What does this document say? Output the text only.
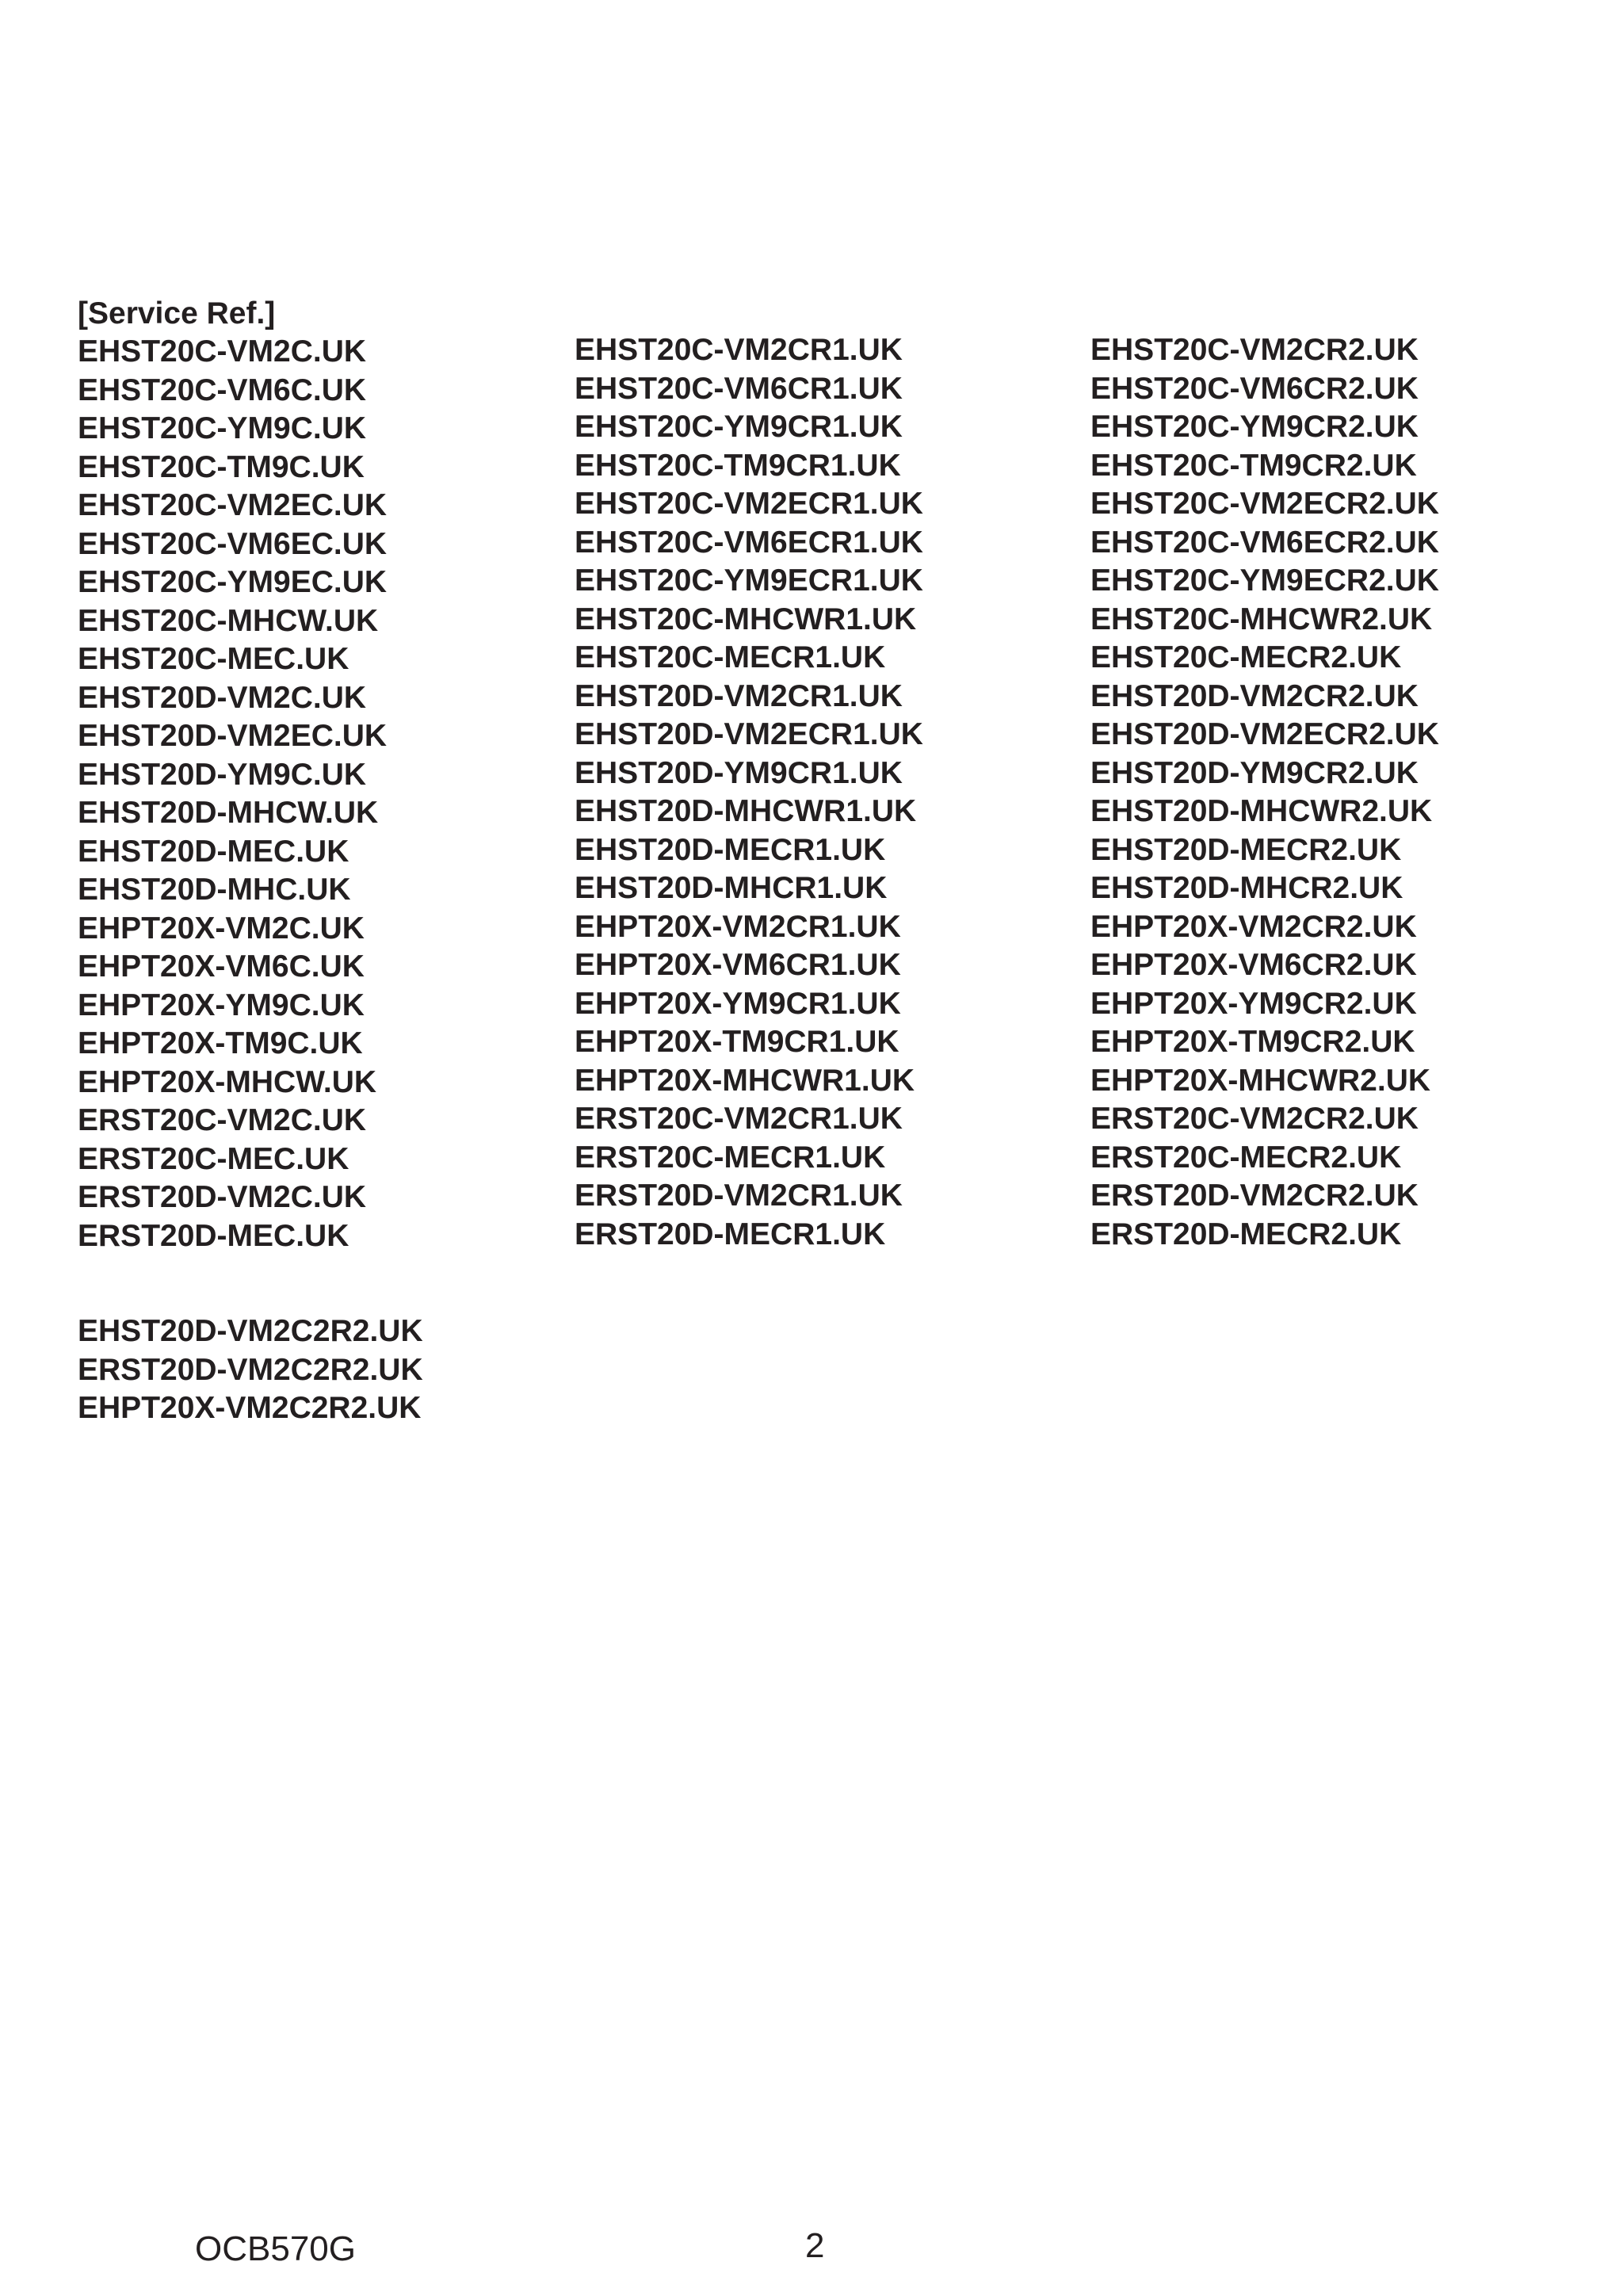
[Service Ref.]
EHST20C-VM2C.UK
EHST20C-VM6C.UK
EHST20C-YM9C.UK
EHST20C-TM9C.UK
EHST20C-VM2EC.UK
EHST20C-VM6EC.UK
EHST20C-YM9EC.UK
EHST20C-MHCW.UK
EHST20C-MEC.UK
EHST20D-VM2C.UK
EHST20D-VM2EC.UK
EHST20D-YM9C.UK
EHST20D-MHCW.UK
EHST20D-MEC.UK
EHST20D-MHC.UK
EHPT20X-VM2C.UK
EHPT20X-VM6C.UK
EHPT20X-YM9C.UK
EHPT20X-TM9C.UK
EHPT20X-MHCW.UK
ERST20C-VM2C.UK
ERST20C-MEC.UK
ERST20D-VM2C.UK
ERST20D-MEC.UK
EHST20C-VM2CR1.UK
EHST20C-VM6CR1.UK
EHST20C-YM9CR1.UK
EHST20C-TM9CR1.UK
EHST20C-VM2ECR1.UK
EHST20C-VM6ECR1.UK
EHST20C-YM9ECR1.UK
EHST20C-MHCWR1.UK
EHST20C-MECR1.UK
EHST20D-VM2CR1.UK
EHST20D-VM2ECR1.UK
EHST20D-YM9CR1.UK
EHST20D-MHCWR1.UK
EHST20D-MECR1.UK
EHST20D-MHCR1.UK
EHPT20X-VM2CR1.UK
EHPT20X-VM6CR1.UK
EHPT20X-YM9CR1.UK
EHPT20X-TM9CR1.UK
EHPT20X-MHCWR1.UK
ERST20C-VM2CR1.UK
ERST20C-MECR1.UK
ERST20D-VM2CR1.UK
ERST20D-MECR1.UK
EHST20C-VM2CR2.UK
EHST20C-VM6CR2.UK
EHST20C-YM9CR2.UK
EHST20C-TM9CR2.UK
EHST20C-VM2ECR2.UK
EHST20C-VM6ECR2.UK
EHST20C-YM9ECR2.UK
EHST20C-MHCWR2.UK
EHST20C-MECR2.UK
EHST20D-VM2CR2.UK
EHST20D-VM2ECR2.UK
EHST20D-YM9CR2.UK
EHST20D-MHCWR2.UK
EHST20D-MECR2.UK
EHST20D-MHCR2.UK
EHPT20X-VM2CR2.UK
EHPT20X-VM6CR2.UK
EHPT20X-YM9CR2.UK
EHPT20X-TM9CR2.UK
EHPT20X-MHCWR2.UK
ERST20C-VM2CR2.UK
ERST20C-MECR2.UK
ERST20D-VM2CR2.UK
ERST20D-MECR2.UK
EHST20D-VM2C2R2.UK
ERST20D-VM2C2R2.UK
EHPT20X-VM2C2R2.UK
OCB570G	2
